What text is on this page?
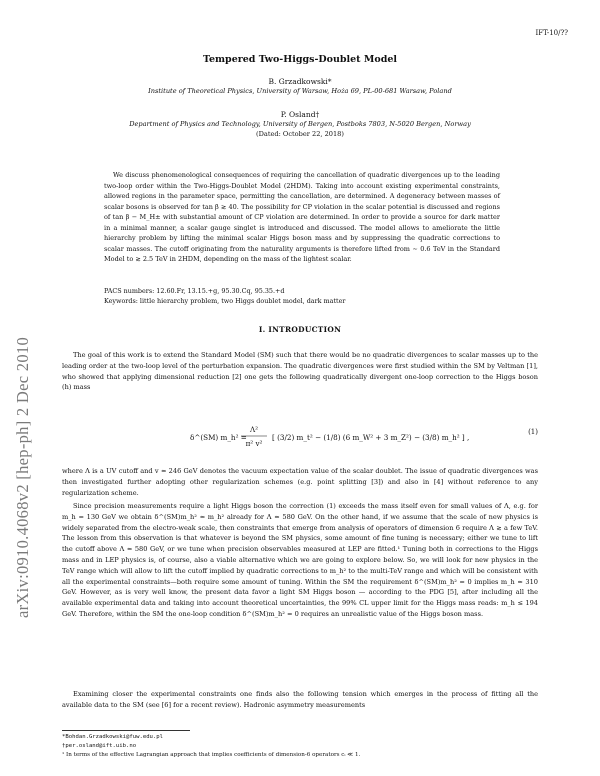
IFT-10/??
arXiv:0910.4068v2 [hep-ph] 2 Dec 2010
Tempered Two-Higgs-Doublet Model
B. Grzadkowski*
Institute of Theoretical Physics, University of Warsaw, Hoża 69, PL-00-681 Warsaw, Poland
P. Osland†
Department of Physics and Technology, University of Bergen, Postboks 7803, N-5020 Bergen, Norway
(Dated: October 22, 2018)

We discuss phenomenological consequences of requiring the cancellation of quadratic divergences up to the leading two-loop order within the Two-Higgs-Doublet Model (2HDM). Taking into account existing experimental constraints, allowed regions in the parameter space, permitting the cancellation, are determined. A degeneracy between masses of scalar bosons is observed for tan β ≳ 40. The possibility for CP violation in the scalar potential is discussed and regions of tan β − M_H± with substantial amount of CP violation are determined. In order to provide a source for dark matter in a minimal manner, a scalar gauge singlet is introduced and discussed. The model allows to ameliorate the little hierarchy problem by lifting the minimal scalar Higgs boson mass and by suppressing the quadratic corrections to scalar masses. The cutoff originating from the naturality arguments is therefore lifted from ∼ 0.6 TeV in the Standard Model to ≳ 2.5 TeV in 2HDM, depending on the mass of the lightest scalar.

PACS numbers: 12.60.Fr, 13.15.+g, 95.30.Cq, 95.35.+d
Keywords: little hierarchy problem, two Higgs doublet model, dark matter
I. INTRODUCTION

The goal of this work is to extend the Standard Model (SM) such that there would be no quadratic divergences to scalar masses up to the leading order at the two-loop level of the perturbation expansion. The quadratic divergences were first studied within the SM by Veltman [1], who showed that applying dimensional reduction [2] one gets the following quadratically divergent one-loop correction to the Higgs boson (h) mass

δ^(SM) m_h² =
Λ²
π² v²
[ (3/2) m_t² − (1/8) (6 m_W² + 3 m_Z²) − (3/8) m_h² ] ,
(1)

where Λ is a UV cutoff and v ≃ 246 GeV denotes the vacuum expectation value of the scalar doublet. The issue of quadratic divergences was then investigated further adopting other regularization schemes (e.g. point splitting [3]) and also in [4] without reference to any regularization scheme.

Since precision measurements require a light Higgs boson the correction (1) exceeds the mass itself even for small values of Λ, e.g. for m_h = 130 GeV we obtain δ^(SM)m_h² ≃ m_h² already for Λ ≃ 580 GeV. On the other hand, if we assume that the scale of new physics is widely separated from the electro-weak scale, then constraints that emerge from analysis of operators of dimension 6 require Λ ≳ a few TeV. The lesson from this observation is that whatever is beyond the SM physics, some amount of fine tuning is necessary; either we tune to lift the cutoff above Λ ≃ 580 GeV, or we tune when precision observables measured at LEP are fitted.¹ Tuning both in corrections to the Higgs mass and in LEP physics is, of course, also a viable alternative which we are going to explore below. So, we will look for new physics in the TeV range which will allow to lift the cutoff implied by quadratic corrections to m_h² to the multi-TeV range and which will be consistent with all the experimental constraints—both require some amount of tuning. Within the SM the requirement δ^(SM)m_h² = 0 implies m_h ≃ 310 GeV. However, as is very well know, the present data favor a light SM Higgs boson — according to the PDG [5], after including all the available experimental data and taking into account theoretical uncertainties, the 99% CL upper limit for the Higgs mass reads: m_h ≤ 194 GeV. Therefore, within the SM the one-loop condition δ^(SM)m_h² = 0 requires an unrealistic value of the Higgs boson mass.

Examining closer the experimental constraints one finds also the following tension which emerges in the process of fitting all the available data to the SM (see [6] for a recent review). Hadronic asymmetry measurements

*Bohdan.Grzadkowski@fuw.edu.pl
†per.osland@ift.uib.no
¹ In terms of the effective Lagrangian approach that implies coefficients of dimension-6 operators cᵢ ≪ 1.
